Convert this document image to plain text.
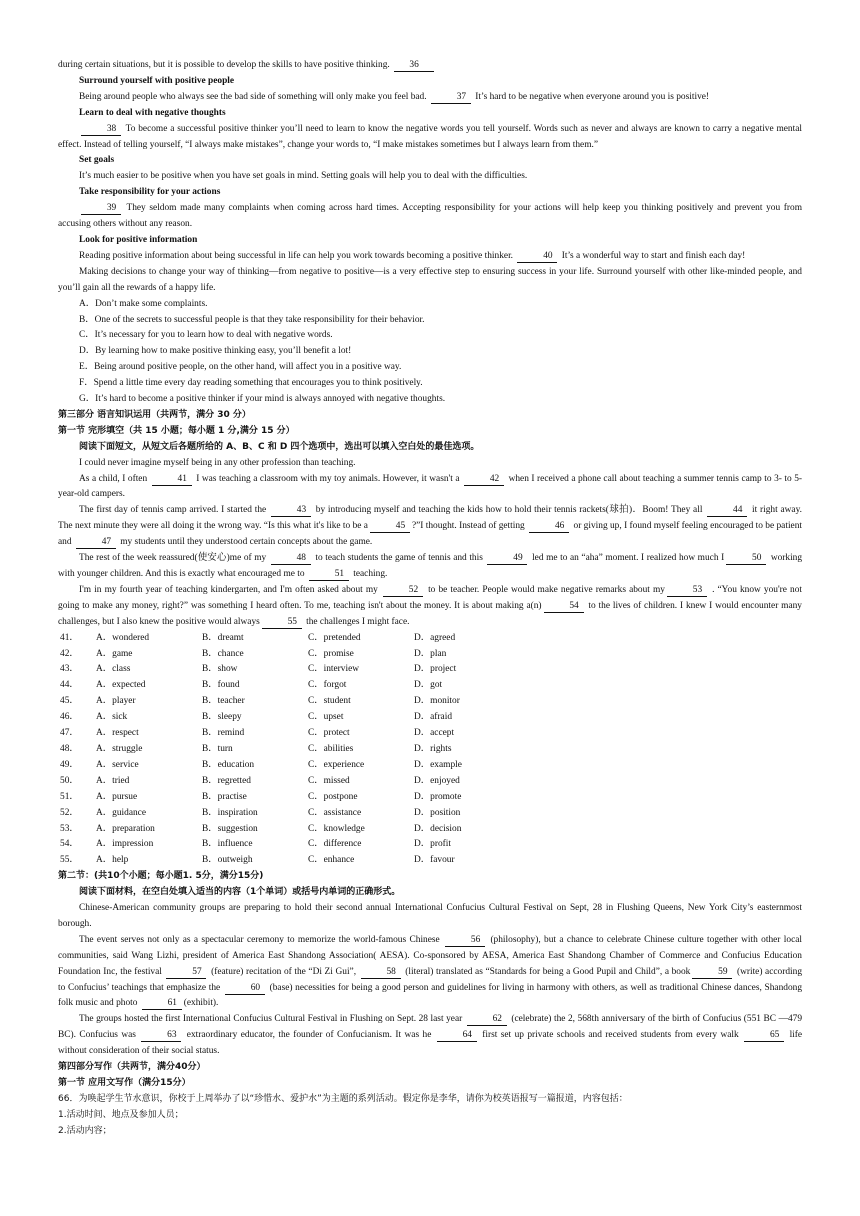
during certain situations, but it is possible to develop the skills to have positive thinking. 36

Surround yourself with positive people

Being around people who always see the bad side of something will only make you feel bad.	37 It’s hard to be negative when everyone around you is positive!

Learn to deal with negative thoughts

38 To become a successful positive thinker you’ll need to learn to know the negative words you tell yourself. Words such as never and always are known to carry a negative mental effect. Instead of telling yourself, “I always make mistakes”, change your words to, “I make mistakes sometimes but I always learn from them.”

Set goals

It’s much easier to be positive when you have set goals in mind. Setting goals will help you to deal with the difficulties.

Take responsibility for your actions

39 They seldom made many complaints when coming across hard times. Accepting responsibility for your actions will help keep you thinking positively and prevent you from accusing others without any reason.

Look for positive information

Reading positive information about being successful in life can help you work towards becoming a positive thinker.	40 It’s a wonderful way to start and finish each day!

Making decisions to change your way of thinking—from negative to positive—is a very effective step to ensuring success in your life. Surround yourself with other like-minded people, and you’ll gain all the rewards of a happy life.

A．Don’t make some complaints.

B．One of the secrets to successful people is that they take responsibility for their behavior.

C．It’s necessary for you to learn how to deal with negative words.

D．By learning how to make positive thinking easy, you’ll benefit a lot!

E．Being around positive people, on the other hand, will affect you in a positive way.

F．Spend a little time every day reading something that encourages you to think positively.

G．It’s hard to become a positive thinker if your mind is always annoyed with negative thoughts.

第三部分 语言知识运用（共两节，满分 30 分）

第一节 完形填空（共 15 小题；每小题 1 分,满分 15 分）

阅读下面短文，从短文后各题所给的 A、B、C 和 D 四个选项中，选出可以填入空白处的最佳选项。

I could never imagine myself being in any other profession than teaching.

As a child, I often	41 I was teaching a classroom with my toy animals. However, it wasn't a	42 when I received a phone call about teaching a summer tennis camp to 3- to 5-year-old campers.

The first day of tennis camp arrived. I started the	43 by introducing myself and teaching the kids how to hold their tennis rackets(球拍)．Boom! They all	44 it right away. The next minute they were all doing it the wrong way. “Is this what it's like to be a	45 ?”I thought. Instead of getting	46 or giving up, I found myself feeling encouraged to be patient and	47 my students until they understood certain concepts about the game.

The rest of the week reassured(使安心)me of my	48 to teach students the game of tennis and this	49 led me to an “aha” moment. I realized how much I	50 working with younger children. And this is exactly what encouraged me to	51 teaching.

I'm in my fourth year of teaching kindergarten, and I'm often asked about my	52 to be teacher. People would make negative remarks about my	53 . “You know you're not going to make any money, right?” was something I heard often. To me, teaching isn't about the money. It is about making a(n)	54 to the lives of children. I knew I would encounter many challenges, but I also knew the positive would always	55 the challenges I might face.

41．	A．wondered	B．dreamt	C．pretended	D．agreed
42．	A．game	B．chance	C．promise	D．plan
43．	A．class	B．show	C．interview	D．project
44．	A．expected	B．found	C．forgot	D．got
45．	A．player	B．teacher	C．student	D．monitor
46．	A．sick	B．sleepy	C．upset	D．afraid
47．	A．respect	B．remind	C．protect	D．accept
48．	A．struggle	B．turn	C．abilities	D．rights
49．	A．service	B．education	C．experience	D．example
50．	A．tried	B．regretted	C．missed	D．enjoyed
51．	A．pursue	B．practise	C．postpone	D．promote
52．	A．guidance	B．inspiration	C．assistance	D．position
53．	A．preparation	B．suggestion	C．knowledge	D．decision
54．	A．impression	B．influence	C．difference	D．profit
55．	A．help	B．outweigh	C．enhance	D．favour

第二节：(共10个小题；每小题1. 5分，满分15分)

阅读下面材料，在空白处填入适当的内容（1个单词）或括号内单词的正确形式。

Chinese-American community groups are preparing to hold their second annual International Confucius Cultural Festival on Sept, 28 in Flushing Queens, New York City’s easternmost borough.

The event serves not only as a spectacular ceremony to memorize the world-famous Chinese	56 (philosophy), but a chance to celebrate Chinese culture together with other local communities, said Wang Lizhi, president of America East Shandong Association( AESA). Co-sponsored by AESA, America East Shandong Chamber of Commerce and Confucius Education Foundation Inc, the festival	57 (feature) recitation of the “Di Zi Gui”,	58 (literal) translated as “Standards for being a Good Pupil and Child”, a book	59 (write) according to Confucius’ teachings that emphasize the	60 (base) necessities for being a good person and guidelines for living in harmony with others, as well as traditional Chinese dances, Shandong folk music and photo	61 (exhibit).

The groups hosted the first International Confucius Cultural Festival in Flushing on Sept. 28 last year	62 (celebrate) the 2, 568th anniversary of the birth of Confucius (551 BC —479 BC). Confucius was	63 extraordinary educator, the founder of Confucianism. It was he	64 first set up private schools and received students from every walk	65 life without consideration of their social status.

第四部分写作（共两节，满分40分）

第一节 应用文写作（满分15分）

66．为唤起学生节水意识，你校于上周举办了以“珍惜水、爱护水”为主题的系列活动。假定你是李华，请你为校英语报写一篇报道，内容包括：

1.活动时间、地点及参加人员；

2.活动内容；
